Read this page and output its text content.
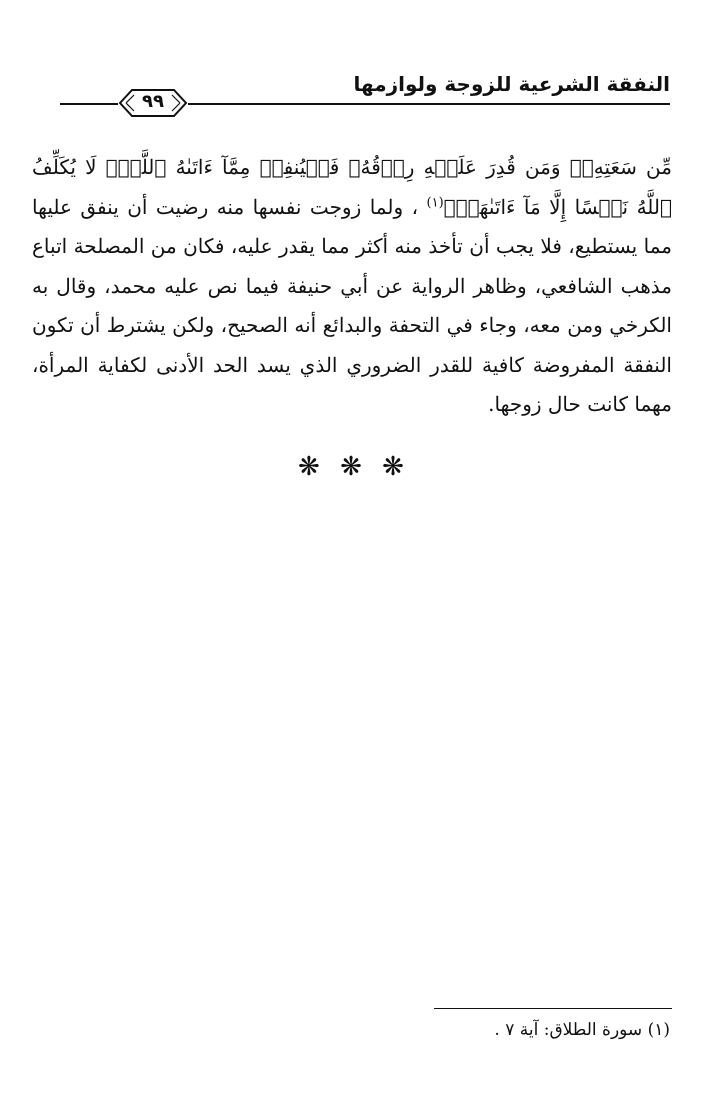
النفقة الشرعية للزوجة ولوازمها
٩٩

مِّن سَعَتِهِۦۖ وَمَن قُدِرَ عَلَيۡهِ رِزۡقُهُۥ فَلۡيُنفِقۡ مِمَّآ ءَاتَىٰهُ ٱللَّهُۚ لَا يُكَلِّفُ ٱللَّهُ نَفۡسًا إِلَّا مَآ ءَاتَىٰهَاۚ﴾$^{(١)}$ ، ولما زوجت نفسها منه رضيت أن ينفق عليها مما يستطيع، فلا يجب أن تأخذ منه أكثر مما يقدر عليه، فكان من المصلحة اتباع مذهب الشافعي، وظاهر الرواية عن أبي حنيفة فيما نص عليه محمد، وقال به الكرخي ومن معه، وجاء في التحفة والبدائع أنه الصحيح، ولكن يشترط أن تكون النفقة المفروضة كافية للقدر الضروري الذي يسد الحد الأدنى لكفاية المرأة، مهما كانت حال زوجها.

❋ ❋ ❋
(١) سورة الطلاق: آية ٧ .
